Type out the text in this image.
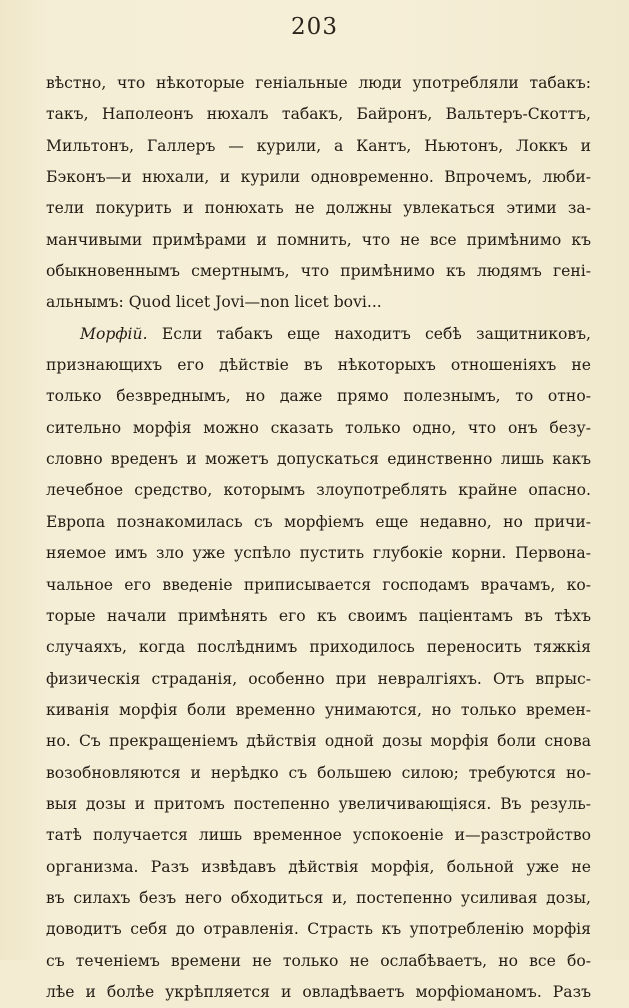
203
вѣстно, что нѣкоторые геніальные люди употребляли табакъ:
такъ, Наполеонъ нюхалъ табакъ, Байронъ, Вальтеръ-Скоттъ,
Мильтонъ, Галлеръ — курили, а Кантъ, Ньютонъ, Локкъ и
Бэконъ—и нюхали, и курили одновременно. Впрочемъ, люби-
тели покурить и понюхать не должны увлекаться этими за-
манчивыми примѣрами и помнить, что не все примѣнимо къ
обыкновеннымъ смертнымъ, что примѣнимо къ людямъ гені-
альнымъ: Quod licet Jovi—non licet bovi...
Морфій. Если табакъ еще находитъ себѣ защитниковъ,
признающихъ его дѣйствіе въ нѣкоторыхъ отношеніяхъ не
только безвреднымъ, но даже прямо полезнымъ, то отно-
сительно морфія можно сказать только одно, что онъ безу-
словно вреденъ и можетъ допускаться единственно лишь какъ
лечебное средство, которымъ злоупотреблять крайне опасно.
Европа познакомилась съ морфіемъ еще недавно, но причи-
няемое имъ зло уже успѣло пустить глубокіе корни. Первона-
чальное его введеніе приписывается господамъ врачамъ, ко-
торые начали примѣнять его къ своимъ паціентамъ въ тѣхъ
случаяхъ, когда послѣднимъ приходилось переносить тяжкія
физическія страданія, особенно при невралгіяхъ. Отъ впрыс-
киванія морфія боли временно унимаются, но только времен-
но. Съ прекращеніемъ дѣйствія одной дозы морфія боли снова
возобновляются и нерѣдко съ большею силою; требуются но-
выя дозы и притомъ постепенно увеличивающіяся. Въ резуль-
татѣ получается лишь временное успокоеніе и—разстройство
организма. Разъ извѣдавъ дѣйствія морфія, больной уже не
въ силахъ безъ него обходиться и, постепенно усиливая дозы,
доводитъ себя до отравленія. Страсть къ употребленію морфія
съ теченіемъ времени не только не ослабѣваетъ, но все бо-
лѣе и болѣе укрѣпляется и овладѣваетъ морфіоманомъ. Разъ
